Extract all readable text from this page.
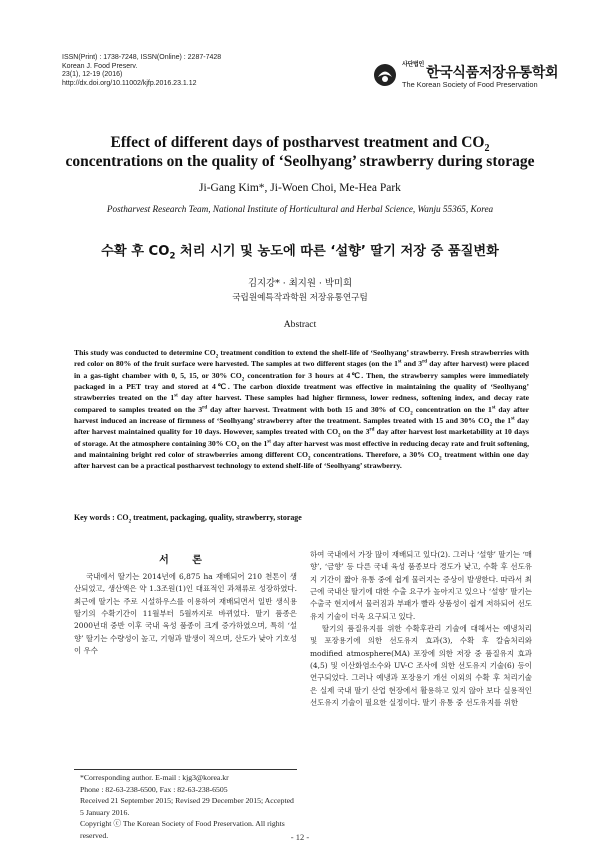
ISSN(Print) : 1738-7248, ISSN(Online) : 2287-7428
Korean J. Food Preserv.
23(1), 12-19 (2016)
http://dx.doi.org/10.11002/kjfp.2016.23.1.12
사단법인한국식품저장유통학회
The Korean Society of Food Preservation
Effect of different days of postharvest treatment and $CO_2$
concentrations on the quality of ‘Seolhyang’ strawberry during storage
Ji-Gang Kim*, Ji-Woen Choi, Me-Hea Park
Postharvest Research Team, National Institute of Horticultural and Herbal Science, Wanju 55365, Korea
수확 후 $CO_2$ 처리 시기 및 농도에 따른 ‘설향’ 딸기 저장 중 품질변화
김지강* · 최지원 · 박미희
국립원예특작과학원 저장유통연구팀
Abstract

This study was conducted to determine $CO_2$ treatment condition to extend the shelf-life of ‘Seolhyang’ strawberry. Fresh strawberries with red color on 80% of the fruit surface were harvested. The samples at two different stages (on the 1st and 3rd day after harvest) were placed in a gas-tight chamber with 0, 5, 15, or 30% $CO_2$ concentration for 3 hours at 4℃. Then, the strawberry samples were immediately packaged in a PET tray and stored at 4℃. The carbon dioxide treatment was effective in maintaining the quality of ‘Seolhyang’ strawberries treated on the 1st day after harvest. These samples had higher firmness, lower redness, softening index, and decay rate compared to samples treated on the 3rd day after harvest. Treatment with both 15 and 30% of $CO_2$ concentration on the 1st day after harvest induced an increase of firmness of ‘Seolhyang’ strawberry after the treatment. Samples treated with 15 and 30% $CO_2$ the 1st day after harvest maintained quality for 10 days. However, samples treated with $CO_2$ on the 3rd day after harvest lost marketability at 10 days of storage. At the atmosphere containing 30% $CO_2$ on the 1st day after harvest was most effective in reducing decay rate and fruit softening, and maintaining bright red color of strawberries among different $CO_2$ concentrations. Therefore, a 30% $CO_2$ treatment within one day after harvest can be a practical postharvest technology to extend shelf-life of ‘Seolhyang’ strawberry.

Key words : $CO_2$ treatment, packaging, quality, strawberry, storage
서 론

국내에서 딸기는 2014년에 6,875 ha 재배되어 210 천톤이 생산되었고, 생산액은 약 1.3조원(1)인 대표적인 과채류로 성장하였다. 최근에 딸기는 주로 시설하우스를 이용하여 재배되면서 일반 생식용 딸기의 수확기간이 11월부터 5월까지로 바뀌었다. 딸기 품종은 2000년대 중반 이후 국내 육성 품종이 크게 증가하였으며, 특히 ‘설향’ 딸기는 수량성이 높고, 기형과 발생이 적으며, 산도가 낮아 기호성이 우수

하여 국내에서 가장 많이 재배되고 있다(2). 그러나 ‘설향’ 딸기는 ‘매향’, ‘금향’ 등 다른 국내 육성 품종보다 경도가 낮고, 수확 후 선도유지 기간이 짧아 유통 중에 쉽게 물러지는 증상이 발생한다. 따라서 최근에 국내산 딸기에 대한 수출 요구가 높아지고 있으나 ‘설향’ 딸기는 수출국 현지에서 물러짐과 부패가 빨라 상품성이 쉽게 저하되어 선도유지 기술이 더욱 요구되고 있다.

딸기의 품질유지를 위한 수확후관리 기술에 대해서는 예냉처리 및 포장용기에 의한 선도유지 효과(3), 수확 후 칼슘처리와 modified atmosphere(MA) 포장에 의한 저장 중 품질유지 효과(4,5) 및 이산화염소수와 UV-C 조사에 의한 선도유지 기술(6) 등이 연구되었다. 그러나 예냉과 포장용기 개선 이외의 수확 후 처리기술은 실제 국내 딸기 산업 현장에서 활용하고 있지 않아 보다 실용적인 선도유지 기술이 필요한 실정이다. 딸기 유통 중 선도유지를 위한

*Corresponding author. E-mail : kjg3@korea.kr
Phone : 82-63-238-6500, Fax : 82-63-238-6505
Received 21 September 2015; Revised 29 December 2015; Accepted 5 January 2016.
Copyright ⓒ The Korean Society of Food Preservation. All rights reserved.	- 12 -
